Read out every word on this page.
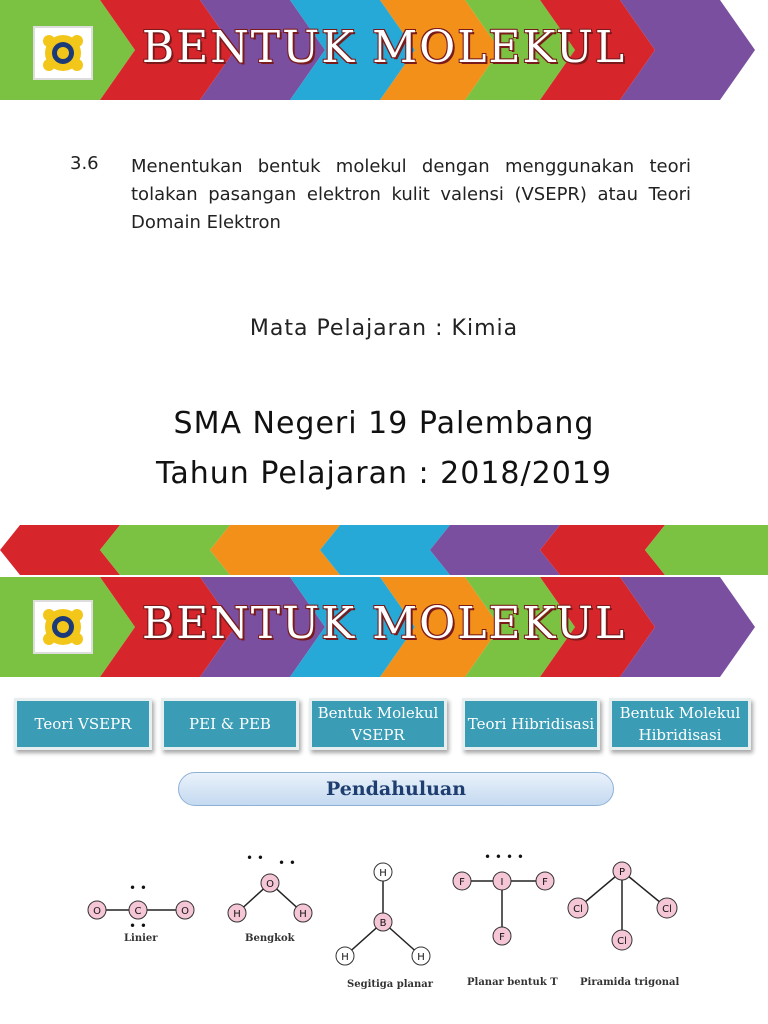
BENTUK MOLEKUL
3.6 Menentukan bentuk molekul dengan menggunakan teori tolakan pasangan elektron kulit valensi (VSEPR) atau Teori Domain Elektron
Mata Pelajaran : Kimia
SMA Negeri 19 Palembang
Tahun Pelajaran : 2018/2019
BENTUK MOLEKUL
Teori VSEPR	PEI & PEB
Bentuk Molekul VSEPR
Teori Hibridisasi
Bentuk Molekul Hibridisasi
Pendahuluan
• •
• •
O	C	O
• • • •
O
H	H
H
B
H	H
• • • •
F	I	F
F
P
Cl	Cl
Cl
Linier	Bengkok
Segitiga planar	Planar bentuk T Piramida trigonal
